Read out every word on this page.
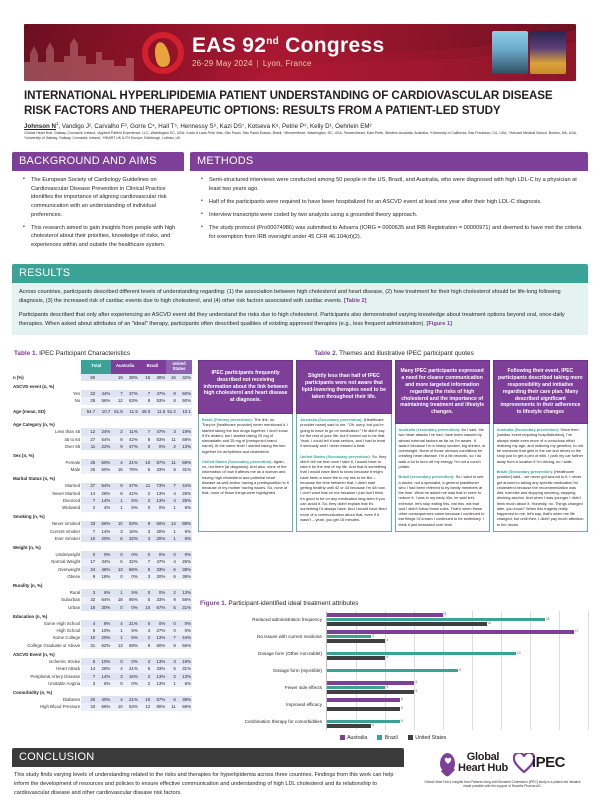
EAS 92nd Congress
26-29 May 2024 | Lyon, France
INTERNATIONAL HYPERLIPIDEMIA PATIENT UNDERSTANDING OF CARDIOVASCULAR DISEASE RISK FACTORS AND THERAPEUTIC OPTIONS: RESULTS FROM A PATIENT-LED STUDY
Johnson $N^1$, Vandigo J², Carvalho F³, Gorre C⁴, Hall T⁵, Hennessy S⁶, Kazi DS⁷, Kotseva K⁸, Petrie P⁹, Kelly D¹, Oehrlein EM²
¹Global Heart Hub, Galway, Connacht, Ireland, ²Applied Patient Experience, LLC, Washington DC, USA, ³Lado A Lado Pela Vida, São Paulo, São Paulo Estado, Brazil, ⁴WomenHeart, Washington, DC, USA, ⁵hearts4heart, East Perth, Western Australia, Australia, ⁶University of California, San Francisco, CA, USA, ⁷Harvard Medical School, Boston, MA, USA, ⁸University of Galway, Galway, Connacht, Ireland, ⁹HEART UK & FH Europe, Edinburgh, Lothian, UK
BACKGROUND AND AIMS
▪ The European Society of Cardiology Guidelines on Cardiovascular Disease Prevention in Clinical Practice identifies the importance of aligning cardiovascular risk communication with an understanding of individual preferences.
▪ This research aimed to gain insights from people with high cholesterol about their priorities, knowledge of risks, and experiences within and outside the healthcare system.
METHODS
▪ Semi-structured interviews were conducted among 50 people in the US, Brazil, and Australia, who were diagnosed with high LDL-C by a physician at least two years ago.
▪ Half of the participants were required to have been hospitalized for an ASCVD event at least one year after their high LDL-C diagnosis.
▪ Interview transcripts were coded by two analysts using a grounded theory approach.
▪ The study protocol (Pro00074986) was submitted to Advarra (IORG = 0000635 and IRB Registration = 00000971) and deemed to have met the criteria for exemption from IRB oversight under 45 CFR 46.104(d)(2).
RESULTS

Across countries, participants described different levels of understanding regarding: (1) the association between high cholesterol and heart disease, (2) how treatment for their high cholesterol should be life-long following diagnosis, (3) the increased risk of cardiac events due to high cholesterol, and (4) other risk factors associated with cardiac events. [Table 2]

Participants described that only after experiencing an ASCVD event did they understand the risks due to high cholesterol. Participants also demonstrated varying knowledge about treatment options beyond oral, once-daily therapies. When asked about attributes of an "ideal" therapy, participants often described qualities of existing approved therapies (e.g., less frequent administration). [Figure 1]

Table 1. IPEC Participant Characteristics
	Total		Australia		Brazil		United States	
n (%)	50		19	38%	15	30%	16	32%
ASCVD event (n, %)								
Yes	22	44%	7	37%	7	47%	8	50%
No	28	56%	12	63%	8	53%	8	50%

Age (mean, SD)	54.7	10.7	61.9	11.5	48.3	11.5	51.2	10.1

Age Category (n, %)								
Less than 45	12	24%	2	11%	7	47%	3	19%
45 to 64	27	54%	8	42%	8	53%	11	69%
Over 65	11	22%	9	47%	0	0%	2	13%
Sex (n, %)								
Female	25	50%	4	21%	10	67%	11	69%
Male	25	50%	15	79%	5	33%	5	31%
Marital Status (n, %)								
Married	27	54%	9	47%	11	73%	7	44%
Never Married	14	28%	8	42%	2	13%	4	25%
Divorced	7	14%	1	5%	2	13%	4	25%
Widowed	2	4%	1	5%	0	0%	1	6%
Smoking (n, %)								
Never smoked	33	66%	10	53%	9	60%	14	88%
Current smoker	7	14%	3	16%	3	20%	1	6%
Ever Smoker	10	20%	6	32%	3	20%	1	6%
Weight (n, %)								
Underweight	0	0%	0	0%	0	0%	0	0%
Normal Weight	17	34%	6	32%	7	47%	4	25%
Overweight	24	48%	13	68%	5	33%	6	38%
Obese	9	18%	0	0%	3	20%	6	38%
Rurality (n, %)								
Rural	3	6%	1	5%	0	0%	2	13%
Suburban	32	64%	18	95%	5	33%	9	56%
Urban	15	30%	0	0%	10	67%	5	31%
Education (n, %)								
Some High School	4	8%	4	21%	0	0%	0	0%
High School	5	10%	1	5%	4	27%	0	0%
Some College	10	20%	1	5%	2	13%	7	44%
College Graduate or Above	31	62%	13	68%	9	60%	9	56%
ASCVD Event (n, %)								
Ischemic Stroke	5	10%	0	0%	2	13%	3	19%
Heart Attack	14	28%	4	21%	5	33%	5	31%
Peripheral Artery Disease	7	14%	3	16%	2	13%	2	13%
Unstable Angina	3	6%	0	0%	2	13%	1	6%
Comorbidity (n, %)								
Diabetes	20	40%	4	21%	10	67%	6	38%
High Blood Pressure	33	66%	10	53%	12	80%	11	69%
Table 2. Themes and illustrative IPEC participant quotes
IPEC participants frequently described not receiving information about the link between high cholesterol and heart disease at diagnosis.

Brazil (Primary prevention): The link, no. They've [healthcare provider] never mentioned it. I started taking the two drugs together. I don't know if it's related, but I started taking 20 mg of simvastatin and 25 mg of [metoprolol brand name]. At the same time! I started taking the two together for arrhythmia and cholesterol.

United States (Secondary prevention): Again, no, not there [at diagnosis]. And also, none of the information of how it affects me as a woman and having high cholesterol and potential heart disease as well and/or having a predisposition to it because of my mother having issues. So, none of that, none of those things were highlighted.

Slightly less than half of IPEC participants were not aware that lipid-lowering therapies need to be taken throughout their life.

Australia (Secondary prevention): [Healthcare provider name] said to me, "Oh, sorry, but you're going to have to go on medication." He didn't say for the rest of your life, but it turned out to be that. Yeah, I could tell it was serious, and I had to treat it seriously and I never missed a beat.

United States (Secondary prevention): So, they didn't tell me that once I take it, I would have to take it for the rest of my life. And that is something that I would have liked to know because it might have been a more fire to my ass to be like – because the time between that, I didn't start getting healthy until 42 or 43 because I'm 48 now. I don't want that on me because I just don't think it's good to be on any medication long-term if you can avoid it. So, they didn't explain that it's something I'd always have. And I would have liked more of a communication about that, even if it wasn't – yeah, you get 15 minutes.

Many IPEC participants expressed a need for clearer communication and more targeted information regarding the risks of high cholesterol and the importance of maintaining treatment and lifestyle changes.

Australia (secondary prevention): As I said, the two heart attacks I've had, have been caused by almost external factors as far as I'm aware. It wasn't because I'm a heavy smoker, big drinker, or overweight. None of those obvious conditions for creating heart disease. I'm a bit neurotic, so I do walk a lot to burn off my energy. I'm not a couch potato.

Brazil (secondary prevention): So I want to see a doctor, not a specialist, a general practitioner who I had been referred to by family members at the time. What he asked me was that in order to reduce it, I was in my early 40s, he said let's exercise, let's stop eating this, eat this, eat that and I didn't follow those rules. That's when these other consequences came because I continued to eat things I'd known I continued to be sedentary. I think it just increased over time.

Following their event, IPEC participants described taking more responsibility and initiative regarding their care plan. Many described significant improvements in their adherence to lifestyle changes

Australia (Secondary prevention): Since then [cardiac event requiring hospitalization], I've always made even more of a conscious effort realizing my age, and realizing my genetics, to not be someone that gets in the car and drives to the shop just to get a pint of milk. I park my car further away from a location if I'm driving, so I walk.

Brazil (Secondary prevention): [Healthcare provider] said... we never got around to it, I never got around to taking any specific medication for cholesterol because the recommendation was diet, exercise and stopping smoking, stopping drinking alcohol. And when I was younger I didn't think much about it. Honestly, no. Things changed later, you know? When this tragedy really happened to me, let's say, that's when me life changed, but until then, I didn't pay much attention to the doctor.

Figure 1. Participant-identified ideal treatment attributes
Reduced administration frequency
No issues with current medicine
Dosage form (Other non-tablet)
Dosage form (Injectible)
Fewer side effects
Improved efficacy
Combination therapy for comorbidities
8
15
11
17
3
4
13
4
9
6
4
6
5
5
5
3
Australia	Brazil	United States
CONCLUSION
This study finds varying levels of understanding related to the risks and therapies for hyperlipidemia across three countries. Findings from this work can help inform the development of resources and policies to ensure effective communication and understanding of high LDL cholesterol and its relationship to cardiovascular disease and other cardiovascular disease risk factors.
Global
Heart Hub iPEC
Global Heart Hub's Insights from Patients living with Elevated Cholesterol (iPEC) study is a patient-led initiative made possible with the support of Novartis Pharma AG.
